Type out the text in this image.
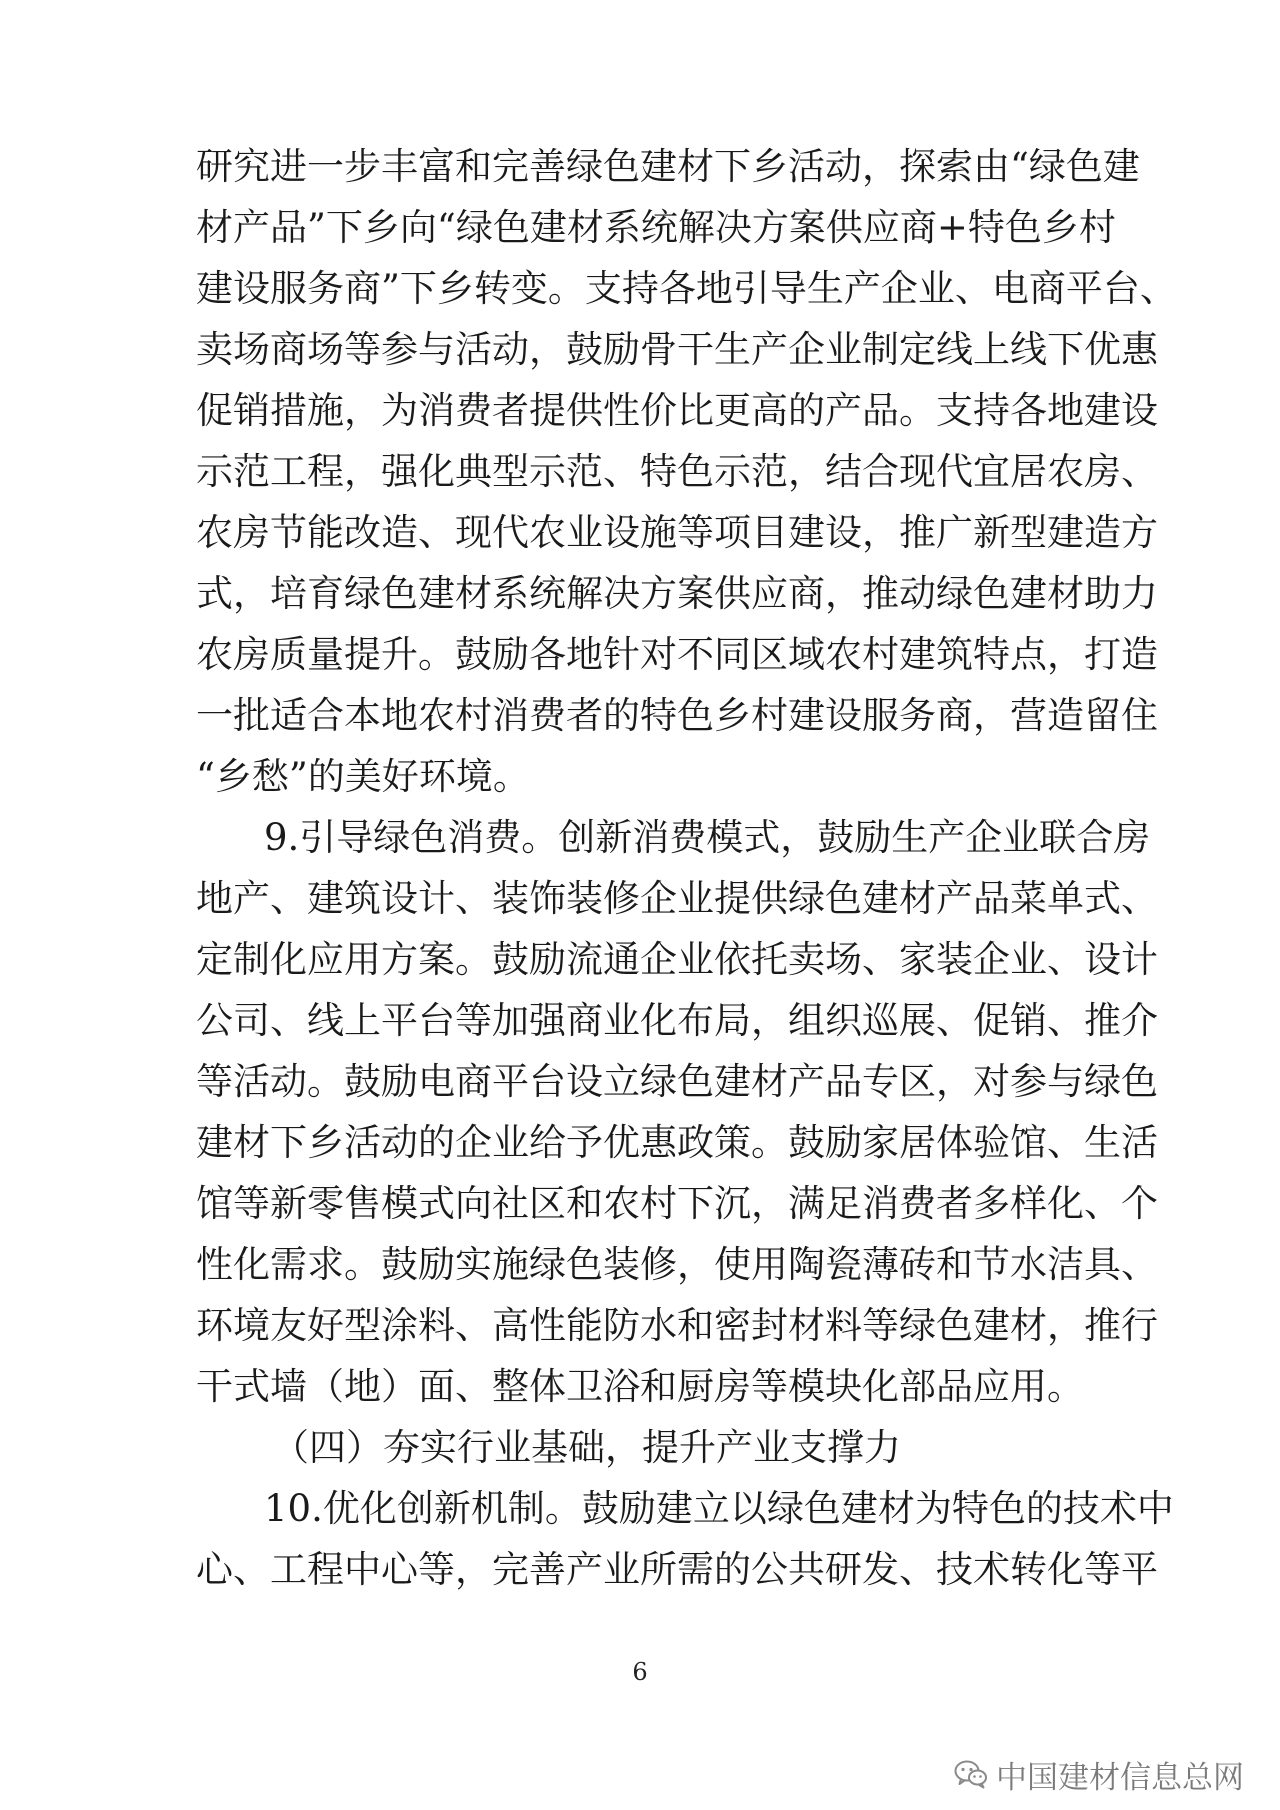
研究进一步丰富和完善绿色建材下乡活动，探索由“绿色建
材产品”下乡向“绿色建材系统解决方案供应商+特色乡村
建设服务商”下乡转变。支持各地引导生产企业、电商平台、
卖场商场等参与活动，鼓励骨干生产企业制定线上线下优惠
促销措施，为消费者提供性价比更高的产品。支持各地建设
示范工程，强化典型示范、特色示范，结合现代宜居农房、
农房节能改造、现代农业设施等项目建设，推广新型建造方
式，培育绿色建材系统解决方案供应商，推动绿色建材助力
农房质量提升。鼓励各地针对不同区域农村建筑特点，打造
一批适合本地农村消费者的特色乡村建设服务商，营造留住
“乡愁”的美好环境。
9.引导绿色消费。创新消费模式，鼓励生产企业联合房
地产、建筑设计、装饰装修企业提供绿色建材产品菜单式、
定制化应用方案。鼓励流通企业依托卖场、家装企业、设计
公司、线上平台等加强商业化布局，组织巡展、促销、推介
等活动。鼓励电商平台设立绿色建材产品专区，对参与绿色
建材下乡活动的企业给予优惠政策。鼓励家居体验馆、生活
馆等新零售模式向社区和农村下沉，满足消费者多样化、个
性化需求。鼓励实施绿色装修，使用陶瓷薄砖和节水洁具、
环境友好型涂料、高性能防水和密封材料等绿色建材，推行
干式墙（地）面、整体卫浴和厨房等模块化部品应用。
（四）夯实行业基础，提升产业支撑力
10.优化创新机制。鼓励建立以绿色建材为特色的技术中
心、工程中心等，完善产业所需的公共研发、技术转化等平
6
中国建材信息总网
